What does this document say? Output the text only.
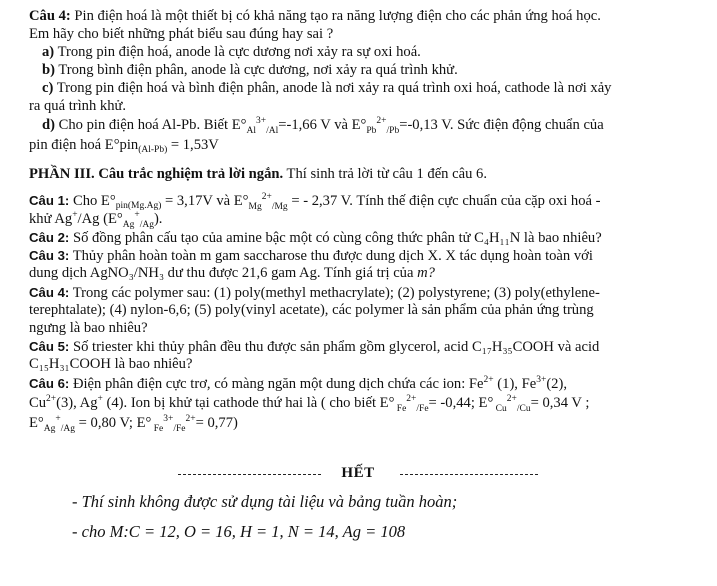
Câu 4: Pin điện hoá là một thiết bị có khả năng tạo ra năng lượng điện cho các phản ứng hoá học.
Em hãy cho biết những phát biểu sau đúng hay sai ?
a) Trong pin điện hoá, anode là cực dương nơi xảy ra sự oxi hoá.
b) Trong bình điện phân, anode là cực dương, nơi xảy ra quá trình khử.
c) Trong pin điện hoá và bình điện phân, anode là nơi xảy ra quá trình oxi hoá, cathode là nơi xảy
ra quá trình khử.
d) Cho pin điện hoá Al-Pb. Biết $E^\circ_{Al}^{3+}_{/Al}=-1,66$ V và $E^\circ_{Pb}^{2+}_{/Pb}=-0,13$ V. Sức điện động chuẩn của
pin điện hoá E°pin$_{(Al-Pb)}$ = 1,53V
PHẦN III. Câu trắc nghiệm trả lời ngắn. Thí sinh trả lời từ câu 1 đến câu 6.
Câu 1: Cho $E^\circ_{pin(Mg.Ag)} = 3,17V$ và $E^\circ_{Mg}^{2+}_{/Mg}$ = - 2,37 V. Tính thế điện cực chuẩn của cặp oxi hoá -
khử Ag+/Ag $(E^\circ_{Ag}^+_{/Ag})$.
Câu 2: Số đồng phân cấu tạo của amine bậc một có cùng công thức phân tử C₄H₁₁N là bao nhiêu?
Câu 3: Thủy phân hoàn toàn m gam saccharose thu được dung dịch X. X tác dụng hoàn toàn với
dung dịch AgNO₃/NH₃ dư thu được 21,6 gam Ag. Tính giá trị của m?
Câu 4: Trong các polymer sau: (1) poly(methyl methacrylate); (2) polystyrene; (3) poly(ethylene-
terephtalate); (4) nylon-6,6; (5) poly(vinyl acetate), các polymer là sản phẩm của phản ứng trùng
ngưng là bao nhiêu?
Câu 5: Số triester khi thủy phân đều thu được sản phẩm gồm glycerol, acid C₁₇H₃₅COOH và acid
C₁₅H₃₁COOH là bao nhiêu?
Câu 6: Điện phân điện cực trơ, có màng ngăn một dung dịch chứa các ion: $Fe^{2+}$ (1), $Fe^{3+}(2)$,
$Cu^{2+}(3)$, Ag+ (4). Ion bị khử tại cathode thứ hai là ( cho biết E° $_{Fe}^{2+}_{/Fe}$= -0,44; E° $_{Cu}^{2+}_{/Cu}$= 0,34 V ;
$E^\circ_{Ag}^+_{/Ag} = 0,80$ V; E° $_{Fe}^{3+}_{/Fe}^{2+}$= 0,77)
HẾT
- Thí sinh không được sử dụng tài liệu và bảng tuần hoàn;
- cho M:C = 12, O = 16, H = 1, N = 14, Ag = 108
